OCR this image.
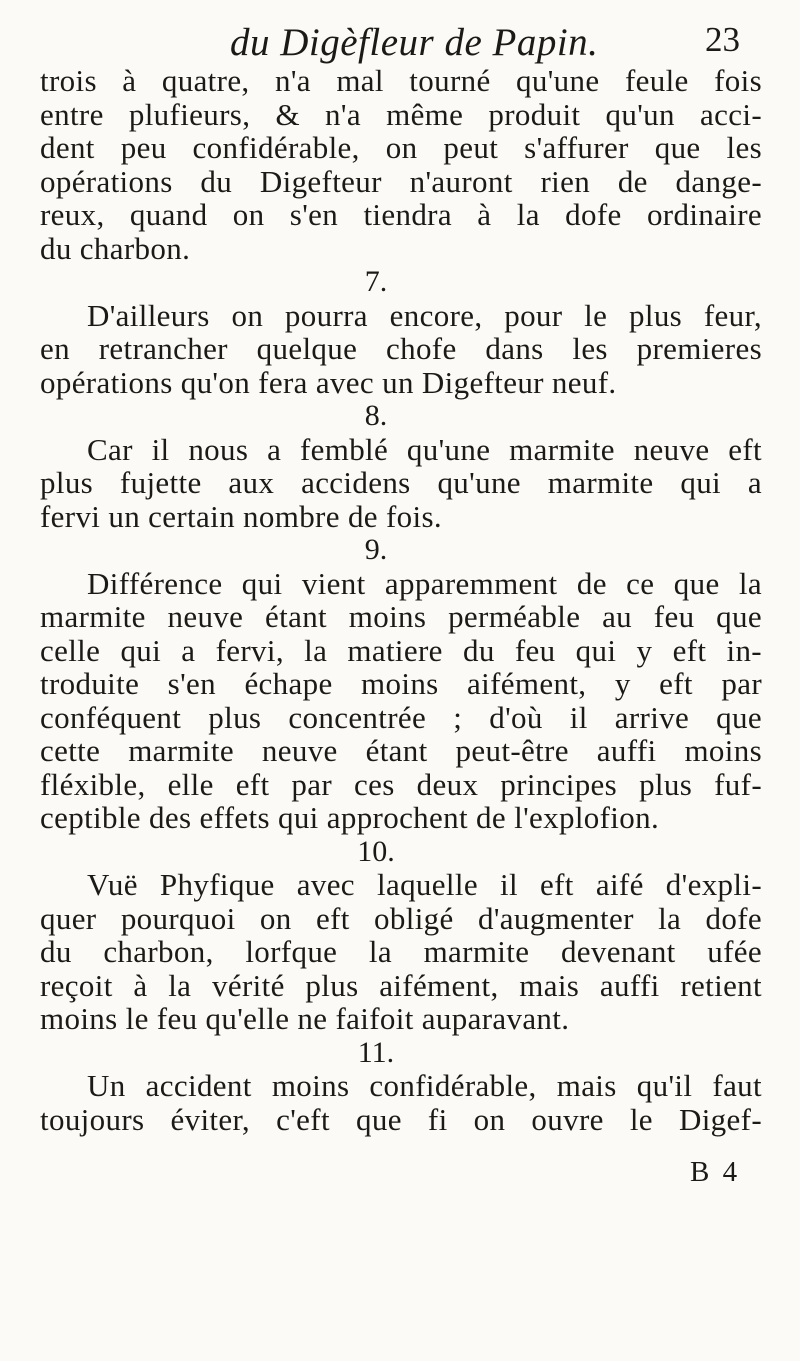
du Digèfleur de Papin.	23
trois à quatre, n'a mal tourné qu'une feule fois
entre plufieurs, & n'a même produit qu'un acci-
dent peu confidérable, on peut s'affurer que les
opérations du Digefteur n'auront rien de dange-
reux, quand on s'en tiendra à la dofe ordinaire
du charbon.
7.
D'ailleurs on pourra encore, pour le plus feur,
en retrancher quelque chofe dans les premieres
opérations qu'on fera avec un Digefteur neuf.
8.
Car il nous a femblé qu'une marmite neuve eft
plus fujette aux accidens qu'une marmite qui a
fervi un certain nombre de fois.
9.
Différence qui vient apparemment de ce que la
marmite neuve étant moins perméable au feu que
celle qui a fervi, la matiere du feu qui y eft in-
troduite s'en échape moins aifément, y eft par
conféquent plus concentrée ; d'où il arrive que
cette marmite neuve étant peut-être auffi moins
fléxible, elle eft par ces deux principes plus fuf-
ceptible des effets qui approchent de l'explofion.
10.
Vuë Phyfique avec laquelle il eft aifé d'expli-
quer pourquoi on eft obligé d'augmenter la dofe
du charbon, lorfque la marmite devenant ufée
reçoit à la vérité plus aifément, mais auffi retient
moins le feu qu'elle ne faifoit auparavant.
11.
Un accident moins confidérable, mais qu'il faut
toujours éviter, c'eft que fi on ouvre le Digef-
B 4
